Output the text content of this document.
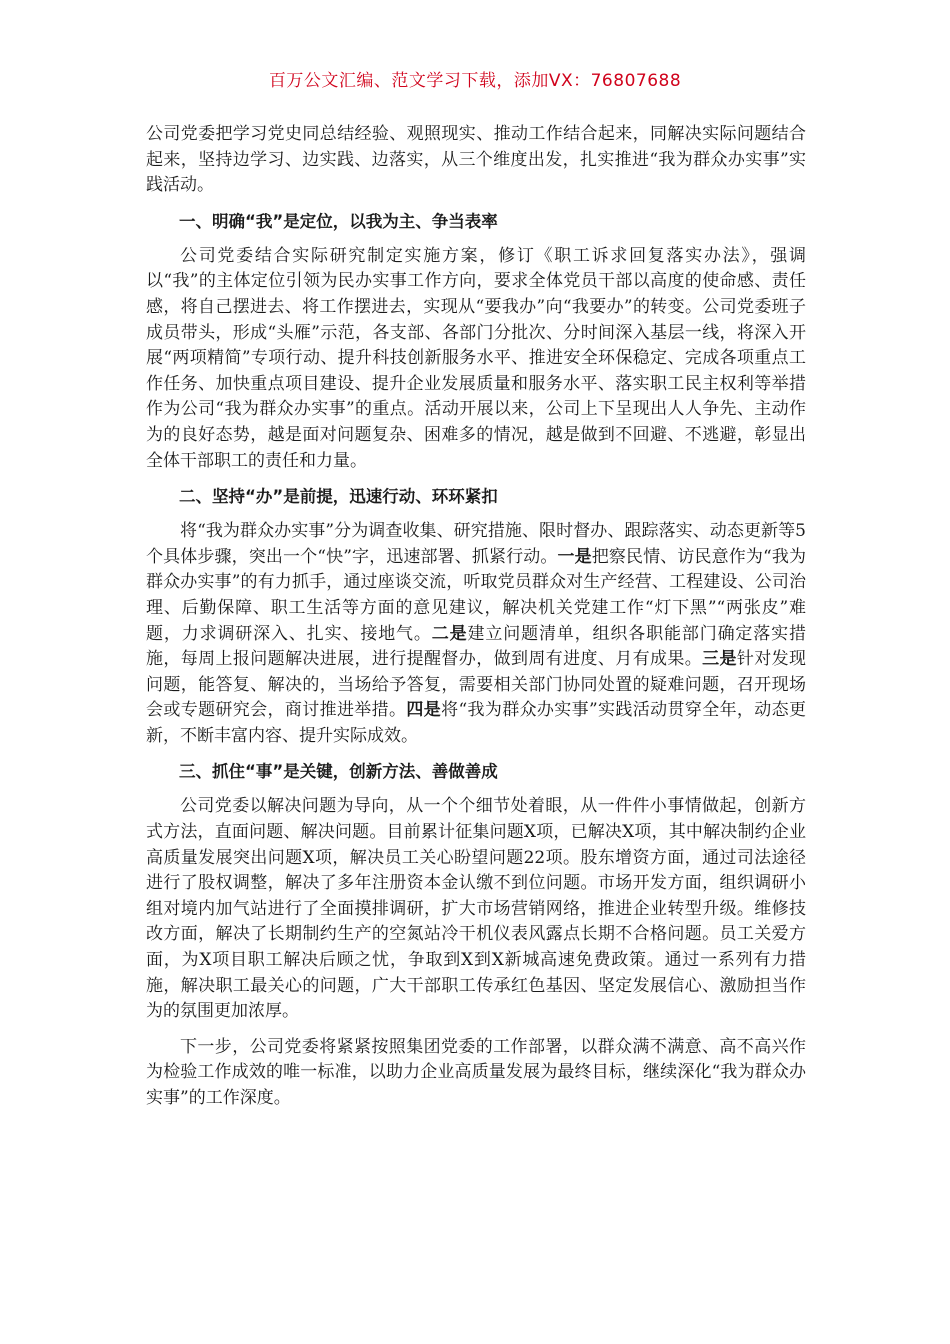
百万公文汇编、范文学习下载，添加VX：76807688

公司党委把学习党史同总结经验、观照现实、推动工作结合起来，同解决实际问题结合起来，坚持边学习、边实践、边落实，从三个维度出发，扎实推进“我为群众办实事”实践活动。

一、明确“我”是定位，以我为主、争当表率

公司党委结合实际研究制定实施方案，修订《职工诉求回复落实办法》，强调以“我”的主体定位引领为民办实事工作方向，要求全体党员干部以高度的使命感、责任感，将自己摆进去、将工作摆进去，实现从“要我办”向“我要办”的转变。公司党委班子成员带头，形成“头雁”示范，各支部、各部门分批次、分时间深入基层一线，将深入开展“两项精简”专项行动、提升科技创新服务水平、推进安全环保稳定、完成各项重点工作任务、加快重点项目建设、提升企业发展质量和服务水平、落实职工民主权利等举措作为公司“我为群众办实事”的重点。活动开展以来，公司上下呈现出人人争先、主动作为的良好态势，越是面对问题复杂、困难多的情况，越是做到不回避、不逃避，彰显出全体干部职工的责任和力量。

二、坚持“办”是前提，迅速行动、环环紧扣

将“我为群众办实事”分为调查收集、研究措施、限时督办、跟踪落实、动态更新等5个具体步骤，突出一个“快”字，迅速部署、抓紧行动。一是把察民情、访民意作为“我为群众办实事”的有力抓手，通过座谈交流，听取党员群众对生产经营、工程建设、公司治理、后勤保障、职工生活等方面的意见建议，解决机关党建工作“灯下黑”“两张皮”难题，力求调研深入、扎实、接地气。二是建立问题清单，组织各职能部门确定落实措施，每周上报问题解决进展，进行提醒督办，做到周有进度、月有成果。三是针对发现问题，能答复、解决的，当场给予答复，需要相关部门协同处置的疑难问题，召开现场会或专题研究会，商讨推进举措。四是将“我为群众办实事”实践活动贯穿全年，动态更新，不断丰富内容、提升实际成效。

三、抓住“事”是关键，创新方法、善做善成

公司党委以解决问题为导向，从一个个细节处着眼，从一件件小事情做起，创新方式方法，直面问题、解决问题。目前累计征集问题X项，已解决X项，其中解决制约企业高质量发展突出问题X项，解决员工关心盼望问题22项。股东增资方面，通过司法途径进行了股权调整，解决了多年注册资本金认缴不到位问题。市场开发方面，组织调研小组对境内加气站进行了全面摸排调研，扩大市场营销网络，推进企业转型升级。维修技改方面，解决了长期制约生产的空氮站冷干机仪表风露点长期不合格问题。员工关爱方面，为X项目职工解决后顾之忧，争取到X到X新城高速免费政策。通过一系列有力措施，解决职工最关心的问题，广大干部职工传承红色基因、坚定发展信心、激励担当作为的氛围更加浓厚。

下一步，公司党委将紧紧按照集团党委的工作部署，以群众满不满意、高不高兴作为检验工作成效的唯一标准，以助力企业高质量发展为最终目标，继续深化“我为群众办实事”的工作深度。
